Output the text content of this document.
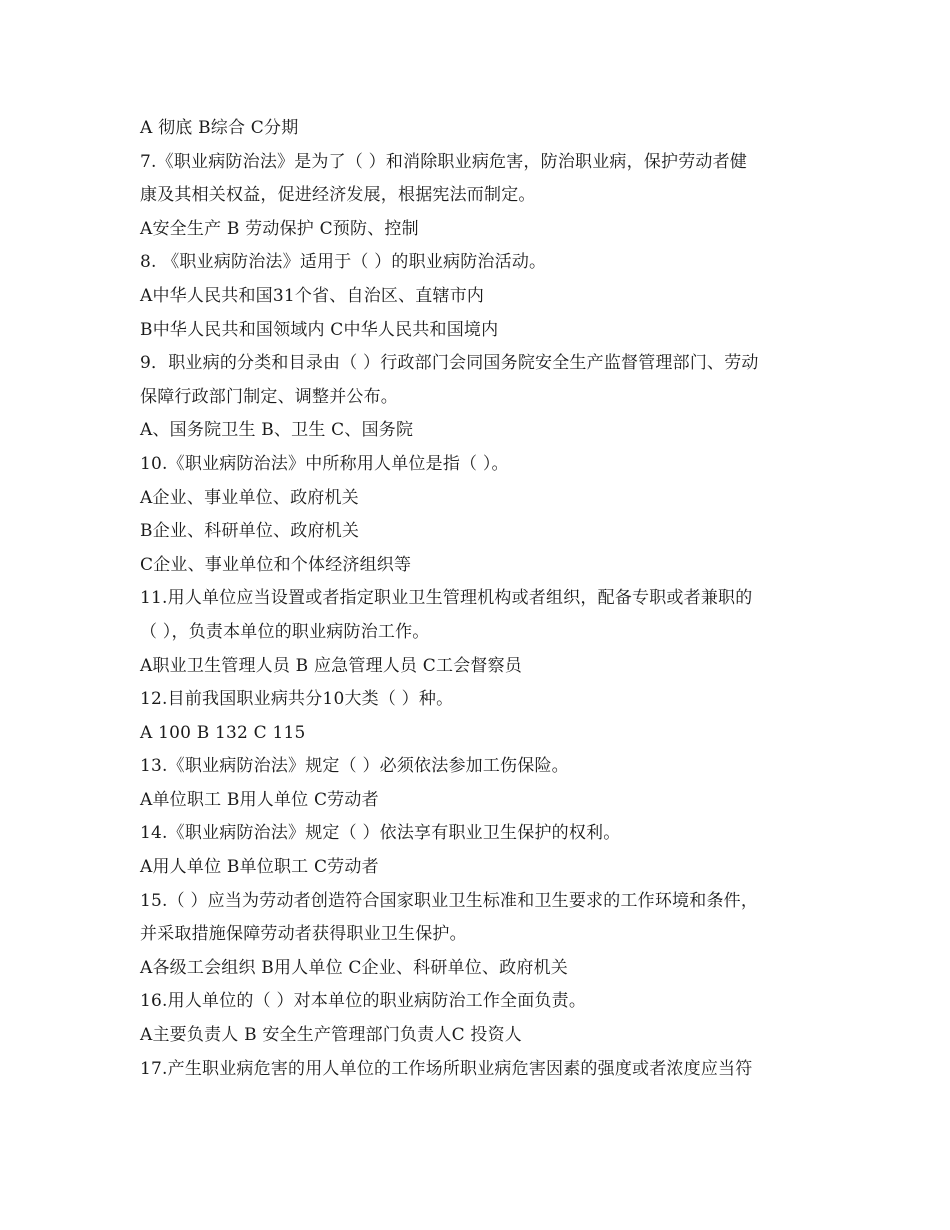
A 彻底 B综合 C分期
7.《职业病防治法》是为了（ ）和消除职业病危害，防治职业病，保护劳动者健
康及其相关权益，促进经济发展，根据宪法而制定。
A安全生产 B 劳动保护 C预防、控制
8. 《职业病防治法》适用于（ ）的职业病防治活动。
A中华人民共和国31个省、自治区、直辖市内
B中华人民共和国领域内 C中华人民共和国境内
9．职业病的分类和目录由（ ）行政部门会同国务院安全生产监督管理部门、劳动
保障行政部门制定、调整并公布。
A、国务院卫生 B、卫生 C、国务院
10.《职业病防治法》中所称用人单位是指（ ）。
A企业、事业单位、政府机关
B企业、科研单位、政府机关
C企业、事业单位和个体经济组织等
11.用人单位应当设置或者指定职业卫生管理机构或者组织，配备专职或者兼职的
（ ），负责本单位的职业病防治工作。
A职业卫生管理人员 B 应急管理人员 C工会督察员
12.目前我国职业病共分10大类（ ）种。
A 100 B 132 C 115
13.《职业病防治法》规定（ ）必须依法参加工伤保险。
A单位职工 B用人单位 C劳动者
14.《职业病防治法》规定（ ）依法享有职业卫生保护的权利。
A用人单位 B单位职工 C劳动者
15.（ ）应当为劳动者创造符合国家职业卫生标准和卫生要求的工作环境和条件，
并采取措施保障劳动者获得职业卫生保护。
A各级工会组织 B用人单位 C企业、科研单位、政府机关
16.用人单位的（ ）对本单位的职业病防治工作全面负责。
A主要负责人 B 安全生产管理部门负责人C 投资人
17.产生职业病危害的用人单位的工作场所职业病危害因素的强度或者浓度应当符
